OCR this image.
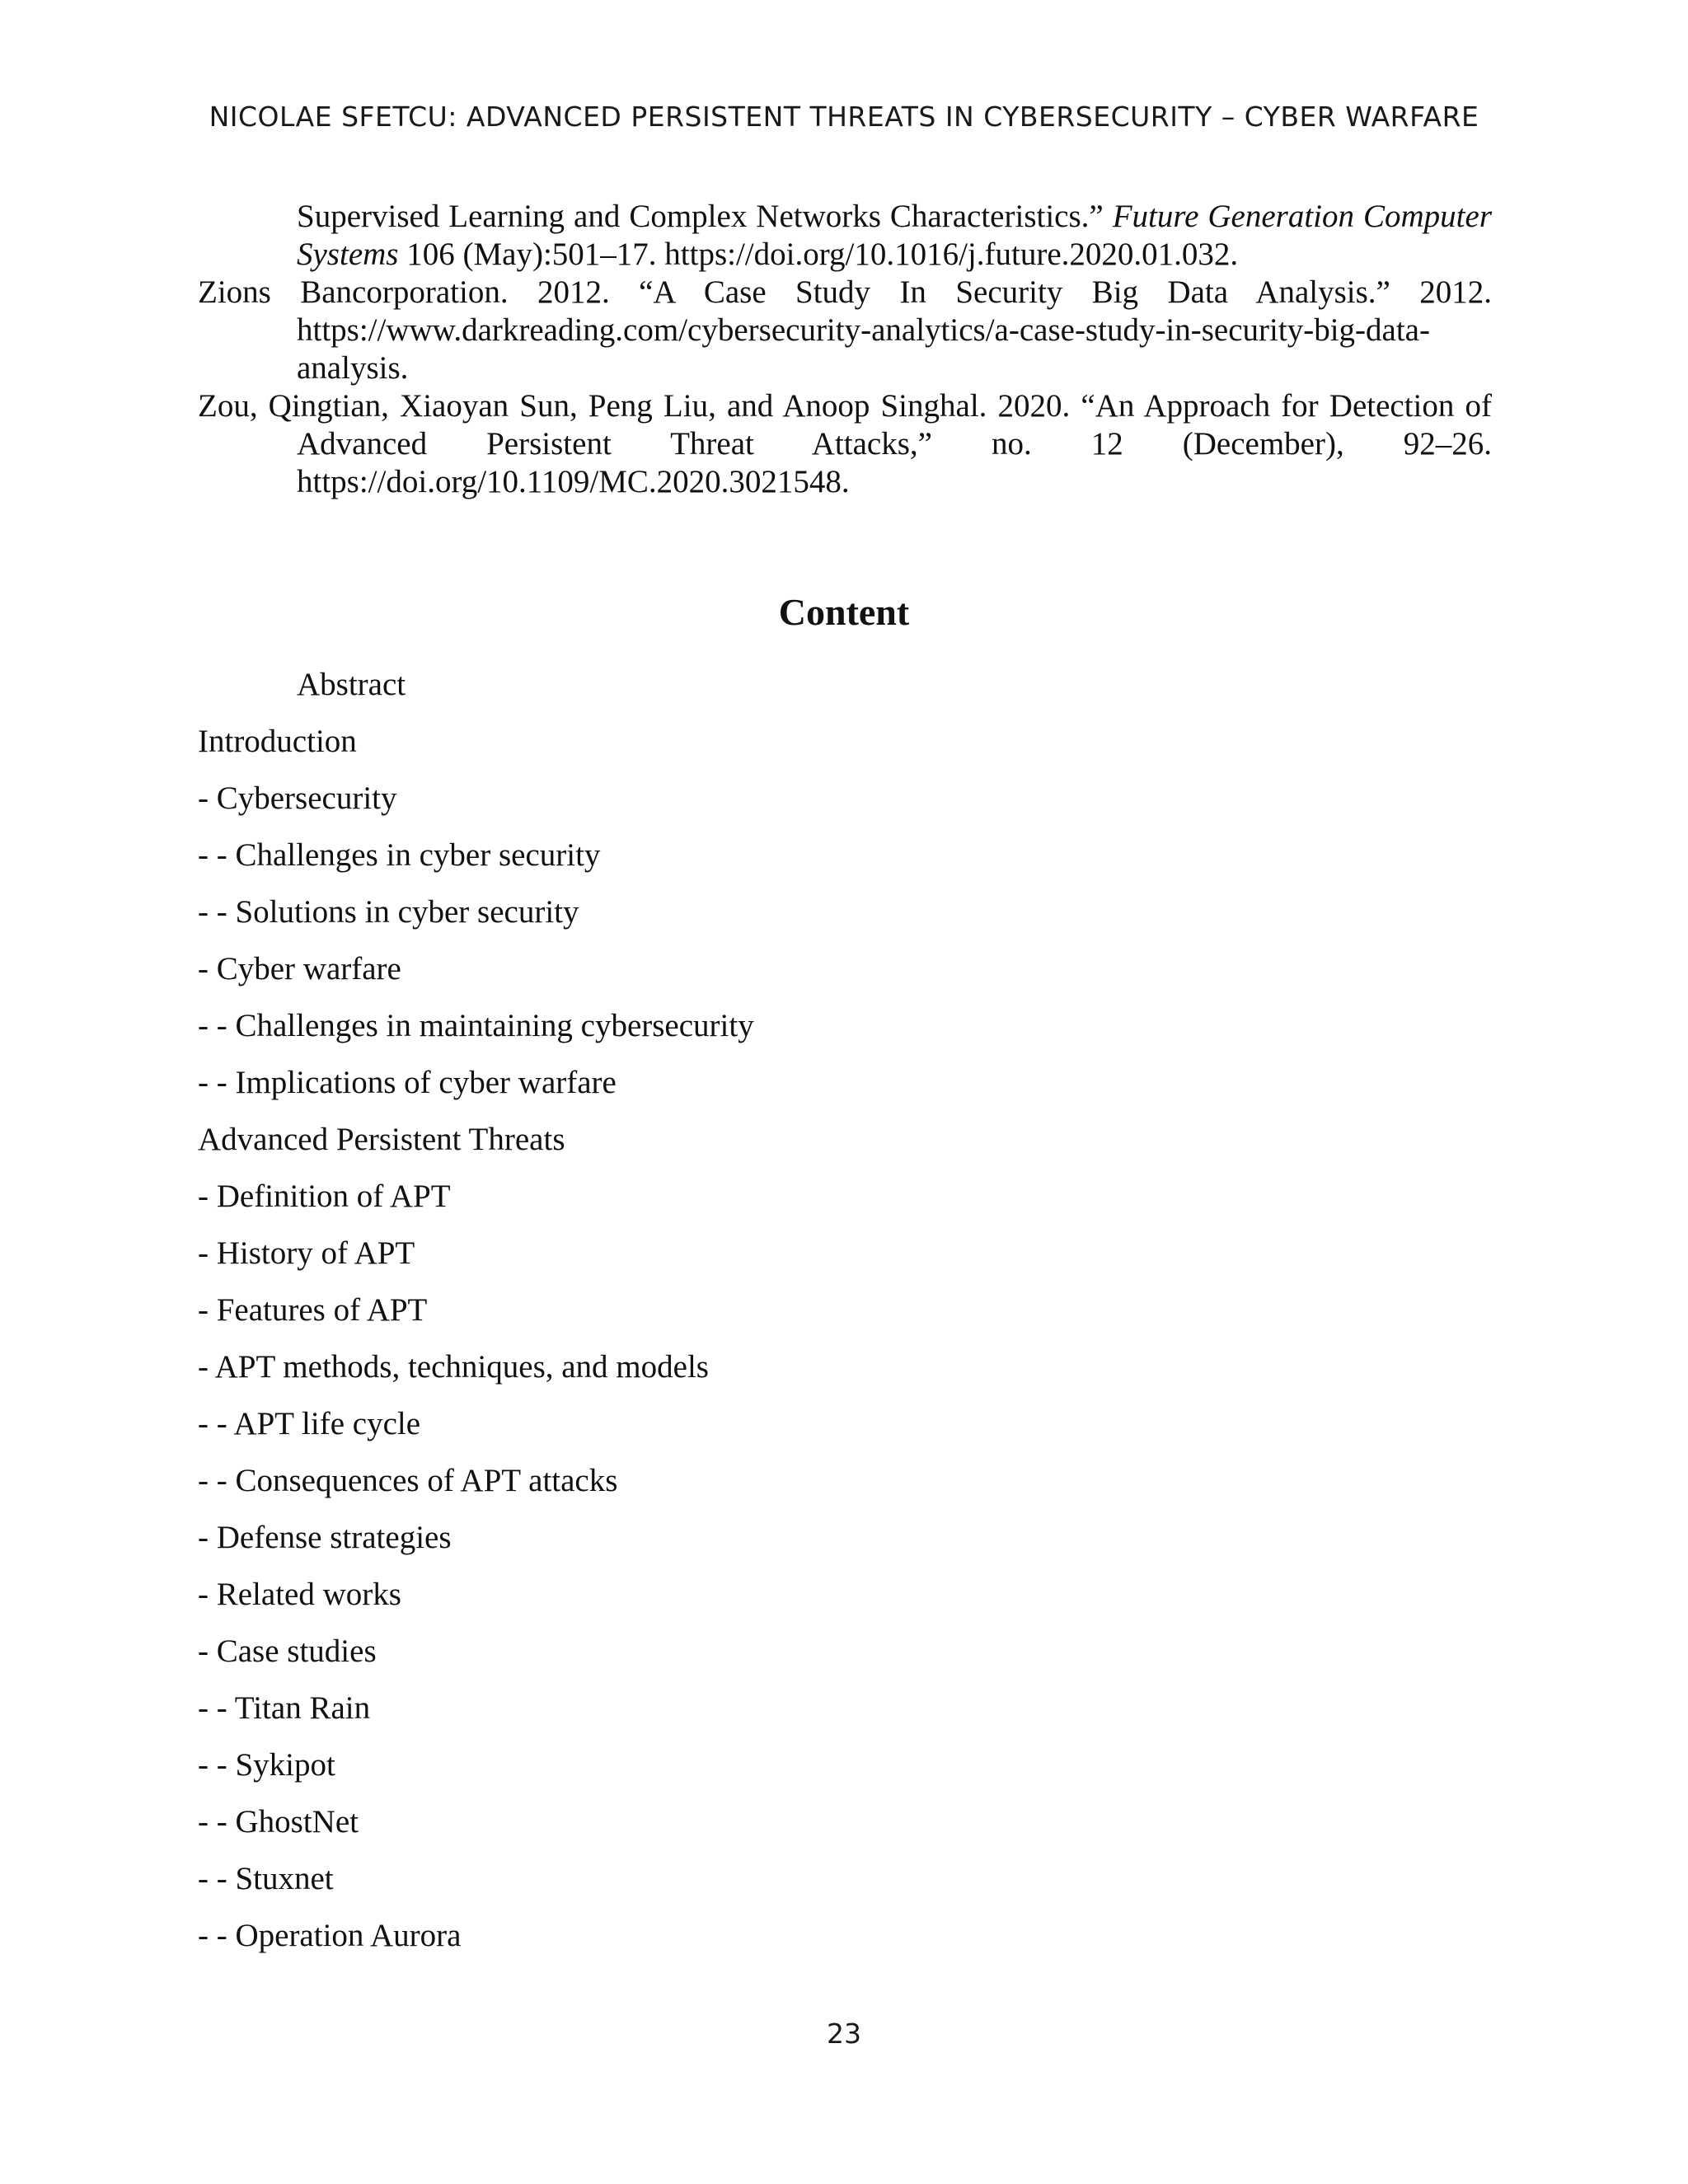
NICOLAE SFETCU: ADVANCED PERSISTENT THREATS IN CYBERSECURITY – CYBER WARFARE

Supervised Learning and Complex Networks Characteristics.” Future Generation Computer Systems 106 (May):501–17. https://doi.org/10.1016/j.future.2020.01.032.

Zions Bancorporation. 2012. “A Case Study In Security Big Data Analysis.” 2012. https://www.darkreading.com/cybersecurity-analytics/a-case-study-in-security-big-data-analysis.

Zou, Qingtian, Xiaoyan Sun, Peng Liu, and Anoop Singhal. 2020. “An Approach for Detection of Advanced Persistent Threat Attacks,” no. 12 (December), 92–26. https://doi.org/10.1109/MC.2020.3021548.

Content
Abstract
Introduction
- Cybersecurity
- - Challenges in cyber security
- - Solutions in cyber security
- Cyber warfare
- - Challenges in maintaining cybersecurity
- - Implications of cyber warfare
Advanced Persistent Threats
- Definition of APT
- History of APT
- Features of APT
- APT methods, techniques, and models
- - APT life cycle
- - Consequences of APT attacks
- Defense strategies
- Related works
- Case studies
- - Titan Rain
- - Sykipot
- - GhostNet
- - Stuxnet
- - Operation Aurora
23
